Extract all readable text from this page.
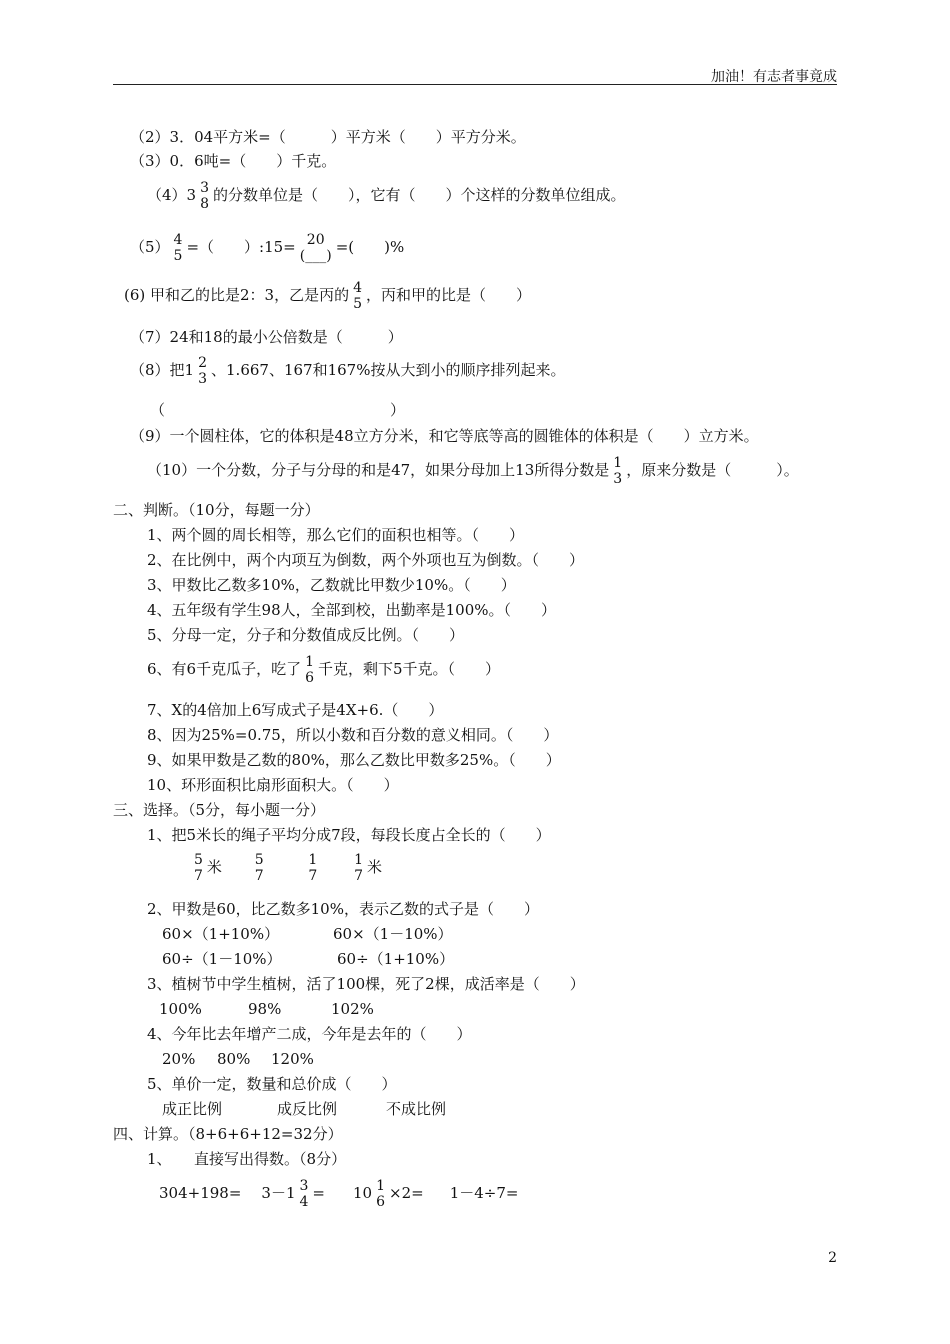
加油！有志者事竟成
（2）3．04平方米=（　　　）平方米（　　）平方分米。
（3）0．6吨=（　　）千克。
（4）3 3
8 的分数单位是（　　），它有（　　）个这样的分数单位组成。
（5） 4
5 =（　　）:15= 20
(___) =(　　)%
(6) 甲和乙的比是2：3，乙是丙的 4
5 ，丙和甲的比是（　　）
（7）24和18的最小公倍数是（　　　）
（8）把1 2
3 、1.667、167和167%按从大到小的顺序排列起来。
（　　　　　　　　　　　　　　　）
（9）一个圆柱体，它的体积是48立方分米，和它等底等高的圆锥体的体积是（　　）立方米。
（10）一个分数，分子与分母的和是47，如果分母加上13所得分数是 1
3 ，原来分数是（　　　）。
二、判断。（10分，每题一分）
1、两个圆的周长相等，那么它们的面积也相等。（　　）
2、在比例中，两个内项互为倒数，两个外项也互为倒数。（　　）
3、甲数比乙数多10%，乙数就比甲数少10%。（　　）
4、五年级有学生98人，全部到校，出勤率是100%。（　　）
5、分母一定，分子和分数值成反比例。（　　）
6、有6千克瓜子，吃了 1
6 千克，剩下5千克。（　　）
7、X的4倍加上6写成式子是4X+6.（　　）
8、因为25%=0.75，所以小数和百分数的意义相同。（　　）
9、如果甲数是乙数的80%，那么乙数比甲数多25%。（　　）
10、环形面积比扇形面积大。（　　）
三、选择。（5分，每小题一分）
1、把5米长的绳子平均分成7段，每段长度占全长的（　　）
5
7 米 5
7

1
7

1
7 米
2、甲数是60，比乙数多10%，表示乙数的式子是（　　）
60×（1+10%）	60×（1－10%）
60÷（1－10%）	60÷（1+10%）
3、植树节中学生植树，活了100棵，死了2棵，成活率是（　　）
100%	98%	102%
4、今年比去年增产二成，今年是去年的（　　）
20% 80% 120%
5、单价一定，数量和总价成（　　）
成正比例	成反比例	不成比例
四、计算。（8+6+6+12=32分）
1、　　直接写出得数。（8分）
304+198= 3－1 3
4 = 10 1
6 ×2= 1－4÷7=
2
